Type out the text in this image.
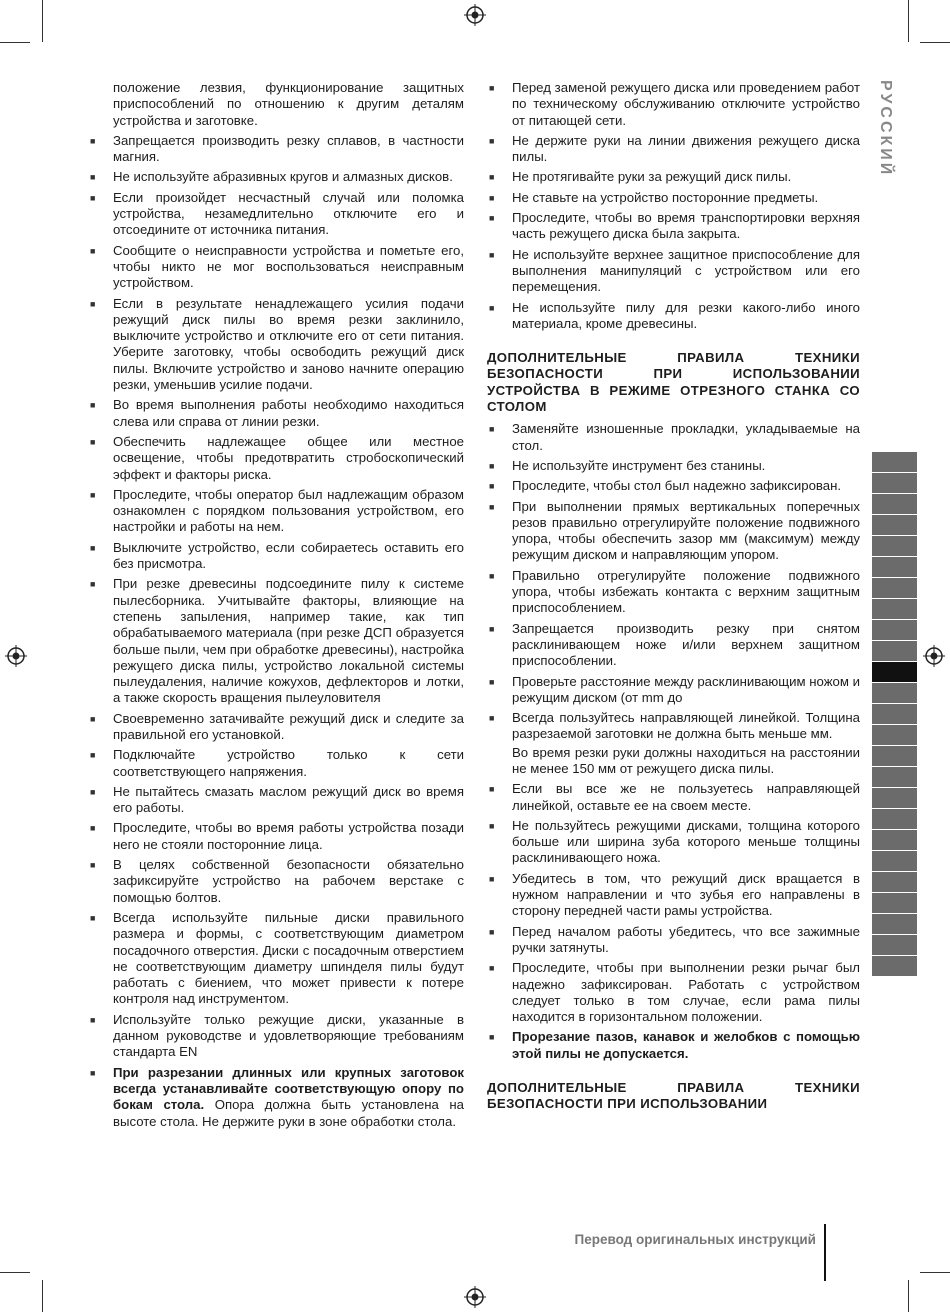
РУССКИЙ

положение лезвия, функционирование защитных приспособлений по отношению к другим деталям устройства и заготовке.

■ Запрещается производить резку сплавов, в частности магния.
■ Не используйте абразивных кругов и алмазных дисков.
■ Если произойдет несчастный случай или поломка устройства, незамедлительно отключите его и отсоедините от источника питания.
■ Сообщите о неисправности устройства и пометьте его, чтобы никто не мог воспользоваться неисправным устройством.
■ Если в результате ненадлежащего усилия подачи режущий диск пилы во время резки заклинило, выключите устройство и отключите его от сети питания. Уберите заготовку, чтобы освободить режущий диск пилы. Включите устройство и заново начните операцию резки, уменьшив усилие подачи.
■ Во время выполнения работы необходимо находиться слева или справа от линии резки.
■ Обеспечить надлежащее общее или местное освещение, чтобы предотвратить стробоскопический эффект и факторы риска.
■ Проследите, чтобы оператор был надлежащим образом ознакомлен с порядком пользования устройством, его настройки и работы на нем.
■ Выключите устройство, если собираетесь оставить его без присмотра.
■ При резке древесины подсоедините пилу к системе пылесборника. Учитывайте факторы, влияющие на степень запыления, например такие, как тип обрабатываемого материала (при резке ДСП образуется больше пыли, чем при обработке древесины), настройка режущего диска пилы, устройство локальной системы пылеудаления, наличие кожухов, дефлекторов и лотки, а также скорость вращения пылеуловителя
■ Своевременно затачивайте режущий диск и следите за правильной его установкой.
■ Подключайте устройство только к сети соответствующего напряжения.
■ Не пытайтесь смазать маслом режущий диск во время его работы.
■ Проследите, чтобы во время работы устройства позади него не стояли посторонние лица.
■ В целях собственной безопасности обязательно зафиксируйте устройство на рабочем верстаке с помощью болтов.
■ Всегда используйте пильные диски правильного размера и формы, с соответствующим диаметром посадочного отверстия. Диски с посадочным отверстием не соответствующим диаметру шпинделя пилы будут работать с биением, что может привести к потере контроля над инструментом.
■ Используйте только режущие диски, указанные в данном руководстве и удовлетворяющие требованиям стандарта EN
■ При разрезании длинных или крупных заготовок всегда устанавливайте соответствующую опору по бокам стола. Опора должна быть установлена на высоте стола. Не держите руки в зоне обработки стола.
■ Перед заменой режущего диска или проведением работ по техническому обслуживанию отключите устройство от питающей сети.
■ Не держите руки на линии движения режущего диска пилы.
■ Не протягивайте руки за режущий диск пилы.
■ Не ставьте на устройство посторонние предметы.
■ Проследите, чтобы во время транспортировки верхняя часть режущего диска была закрыта.
■ Не используйте верхнее защитное приспособление для выполнения манипуляций с устройством или его перемещения.
■ Не используйте пилу для резки какого-либо иного материала, кроме древесины.
ДОПОЛНИТЕЛЬНЫЕ ПРАВИЛА ТЕХНИКИ БЕЗОПАСНОСТИ ПРИ ИСПОЛЬЗОВАНИИ УСТРОЙСТВА В РЕЖИМЕ ОТРЕЗНОГО СТАНКА СО СТОЛОМ
■ Заменяйте изношенные прокладки, укладываемые на стол.
■ Не используйте инструмент без станины.
■ Проследите, чтобы стол был надежно зафиксирован.
■ При выполнении прямых вертикальных поперечных резов правильно отрегулируйте положение подвижного упора, чтобы обеспечить зазор мм (максимум) между режущим диском и направляющим упором.
■ Правильно отрегулируйте положение подвижного упора, чтобы избежать контакта с верхним защитным приспособлением.
■ Запрещается производить резку при снятом расклинивающем ноже и/или верхнем защитном приспособлении.
■ Проверьте расстояние между расклинивающим ножом и режущим диском (от mm до
■ Всегда пользуйтесь направляющей линейкой. Толщина разрезаемой заготовки не должна быть меньше мм.
Во время резки руки должны находиться на расстоянии не менее 150 мм от режущего диска пилы.
■ Если вы все же не пользуетесь направляющей линейкой, оставьте ее на своем месте.
■ Не пользуйтесь режущими дисками, толщина которого больше или ширина зуба которого меньше толщины расклинивающего ножа.
■ Убедитесь в том, что режущий диск вращается в нужном направлении и что зубья его направлены в сторону передней части рамы устройства.
■ Перед началом работы убедитесь, что все зажимные ручки затянуты.
■ Проследите, чтобы при выполнении резки рычаг был надежно зафиксирован. Работать с устройством следует только в том случае, если рама пилы находится в горизонтальном положении.
■ Прорезание пазов, канавок и желобков с помощью этой пилы не допускается.
ДОПОЛНИТЕЛЬНЫЕ ПРАВИЛА ТЕХНИКИ БЕЗОПАСНОСТИ ПРИ ИСПОЛЬЗОВАНИИ
Перевод оригинальных инструкций
